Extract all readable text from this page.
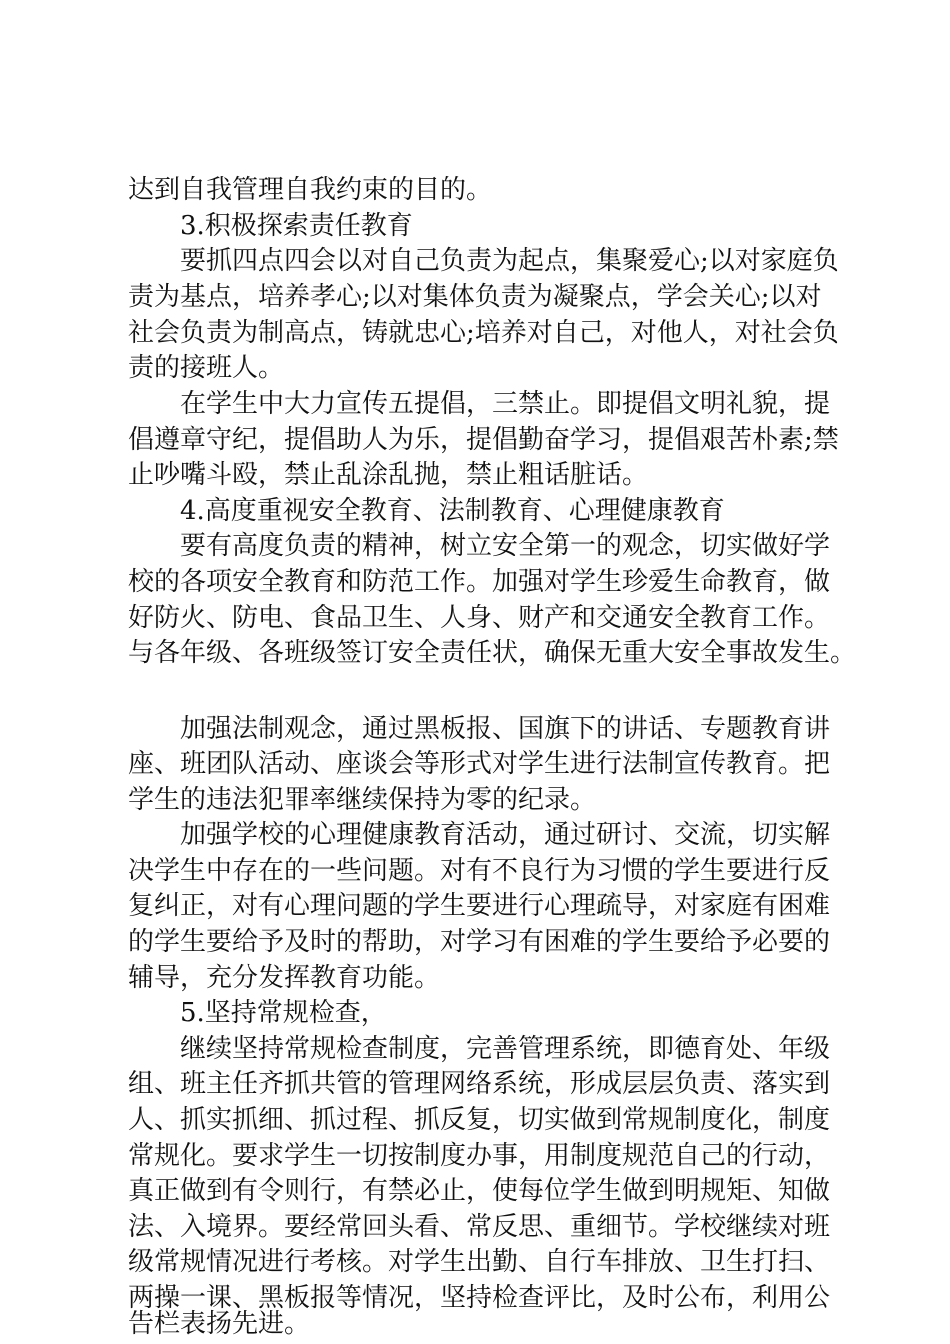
达到自我管理自我约束的目的。
　　3.积极探索责任教育
　　要抓四点四会以对自己负责为起点，集聚爱心;以对家庭负
责为基点，培养孝心;以对集体负责为凝聚点，学会关心;以对
社会负责为制高点，铸就忠心;培养对自己，对他人，对社会负
责的接班人。
　　在学生中大力宣传五提倡，三禁止。即提倡文明礼貌，提
倡遵章守纪，提倡助人为乐，提倡勤奋学习，提倡艰苦朴素;禁
止吵嘴斗殴，禁止乱涂乱抛，禁止粗话脏话。
　　4.高度重视安全教育、法制教育、心理健康教育
　　要有高度负责的精神，树立安全第一的观念，切实做好学
校的各项安全教育和防范工作。加强对学生珍爱生命教育，做
好防火、防电、食品卫生、人身、财产和交通安全教育工作。
与各年级、各班级签订安全责任状，确保无重大安全事故发生。
　　加强法制观念，通过黑板报、国旗下的讲话、专题教育讲
座、班团队活动、座谈会等形式对学生进行法制宣传教育。把
学生的违法犯罪率继续保持为零的纪录。
　　加强学校的心理健康教育活动，通过研讨、交流，切实解
决学生中存在的一些问题。对有不良行为习惯的学生要进行反
复纠正，对有心理问题的学生要进行心理疏导，对家庭有困难
的学生要给予及时的帮助，对学习有困难的学生要给予必要的
辅导，充分发挥教育功能。
　　5.坚持常规检查，
　　继续坚持常规检查制度，完善管理系统，即德育处、年级
组、班主任齐抓共管的管理网络系统，形成层层负责、落实到
人、抓实抓细、抓过程、抓反复，切实做到常规制度化，制度
常规化。要求学生一切按制度办事，用制度规范自己的行动，
真正做到有令则行，有禁必止，使每位学生做到明规矩、知做
法、入境界。要经常回头看、常反思、重细节。学校继续对班
级常规情况进行考核。对学生出勤、自行车排放、卫生打扫、
两操一课、黑板报等情况，坚持检查评比，及时公布，利用公
告栏表扬先进。
